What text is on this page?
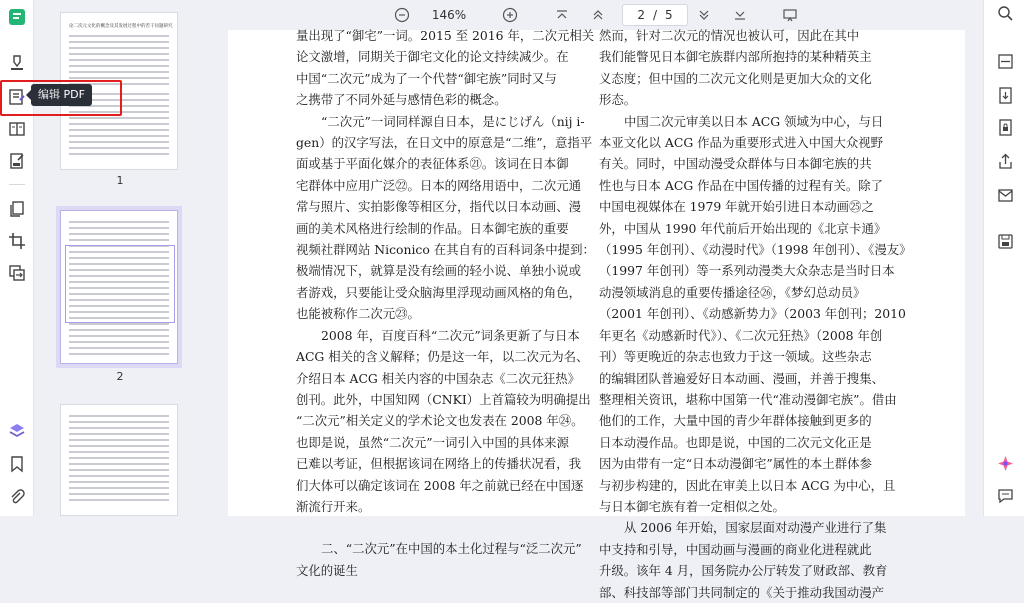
论二次元文化的概念及其发展过程中的若干问题研究
1
2
编辑 PDF
146%	2 / 5

量出现了“御宅”一词。2015 至 2016 年，二次元相关

论文激增，同期关于御宅文化的论文持续减少。在

中国“二次元”成为了一个代替“御宅族”同时又与

之携带了不同外延与感情色彩的概念。

“二次元”一词同样源自日本，是にじげん（nij i-

gen）的汉字写法，在日文中的原意是“二维”，意指平

面或基于平面化媒介的表征体系㉑。该词在日本御

宅群体中应用广泛㉒。日本的网络用语中，二次元通

常与照片、实拍影像等相区分，指代以日本动画、漫

画的美术风格进行绘制的作品。日本御宅族的重要

视频社群网站 Niconico 在其自有的百科词条中提到：

极端情况下，就算是没有绘画的轻小说、单独小说或

者游戏，只要能让受众脑海里浮现动画风格的角色，

也能被称作二次元㉓。

2008 年，百度百科“二次元”词条更新了与日本

ACG 相关的含义解释；仍是这一年，以二次元为名、

介绍日本 ACG 相关内容的中国杂志《二次元狂热》

创刊。此外，中国知网（CNKI）上首篇较为明确提出

“二次元”相关定义的学术论文也发表在 2008 年㉔。

也即是说，虽然“二次元”一词引入中国的具体来源

已难以考证，但根据该词在网络上的传播状况看，我

们大体可以确定该词在 2008 年之前就已经在中国逐

渐流行开来。

二、“二次元”在中国的本土化过程与“泛二次元”

文化的诞生

然而，针对二次元的情况也被认可，因此在其中

我们能瞥见日本御宅族群内部所抱持的某种精英主

义态度；但中国的二次元文化则是更加大众的文化

形态。

中国二次元审美以日本 ACG 领域为中心，与日

本亚文化以 ACG 作品为重要形式进入中国大众视野

有关。同时，中国动漫受众群体与日本御宅族的共

性也与日本 ACG 作品在中国传播的过程有关。除了

中国电视媒体在 1979 年就开始引进日本动画㉕之

外，中国从 1990 年代前后开始出现的《北京卡通》

（1995 年创刊）、《动漫时代》（1998 年创刊）、《漫友》

（1997 年创刊）等一系列动漫类大众杂志是当时日本

动漫领域消息的重要传播途径㉖，《梦幻总动员》

（2001 年创刊）、《动感新势力》（2003 年创刊；2010

年更名《动感新时代》）、《二次元狂热》（2008 年创

刊）等更晚近的杂志也致力于这一领域。这些杂志

的编辑团队普遍爱好日本动画、漫画，并善于搜集、

整理相关资讯，堪称中国第一代“准动漫御宅族”。借由

他们的工作，大量中国的青少年群体接触到更多的

日本动漫作品。也即是说，中国的二次元文化正是

因为由带有一定“日本动漫御宅”属性的本土群体参

与初步构建的，因此在审美上以日本 ACG 为中心，且

与日本御宅族有着一定相似之处。

从 2006 年开始，国家层面对动漫产业进行了集

中支持和引导，中国动画与漫画的商业化进程就此

升级。该年 4 月，国务院办公厅转发了财政部、教育

部、科技部等部门共同制定的《关于推动我国动漫产
